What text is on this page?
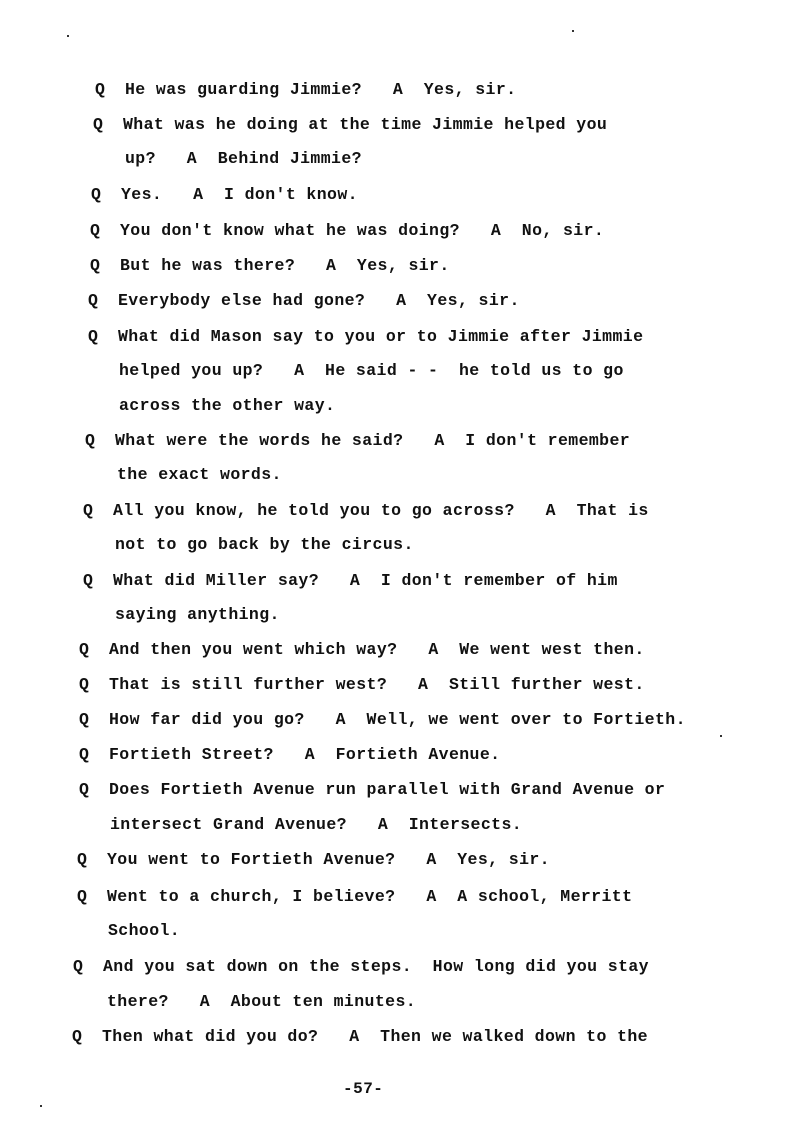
Q He was guarding Jimmie?   A  Yes, sir.
Q What was he doing at the time Jimmie helped you
up?   A  Behind Jimmie?
Q Yes.   A  I don't know.
Q You don't know what he was doing?   A  No, sir.
Q But he was there?   A  Yes, sir.
Q Everybody else had gone?   A  Yes, sir.
Q What did Mason say to you or to Jimmie after Jimmie
helped you up?   A  He said - -  he told us to go
across the other way.
Q What were the words he said?   A  I don't remember
the exact words.
Q All you know, he told you to go across?   A  That is
not to go back by the circus.
Q What did Miller say?   A  I don't remember of him
saying anything.
Q And then you went which way?   A  We went west then.
Q That is still further west?   A  Still further west.
Q How far did you go?   A  Well, we went over to Fortieth.
Q Fortieth Street?   A  Fortieth Avenue.
Q Does Fortieth Avenue run parallel with Grand Avenue or
intersect Grand Avenue?   A  Intersects.
Q You went to Fortieth Avenue?   A  Yes, sir.
Q Went to a church, I believe?   A  A school, Merritt
School.
Q And you sat down on the steps.  How long did you stay
there?   A  About ten minutes.
Q Then what did you do?   A  Then we walked down to the
-57-
